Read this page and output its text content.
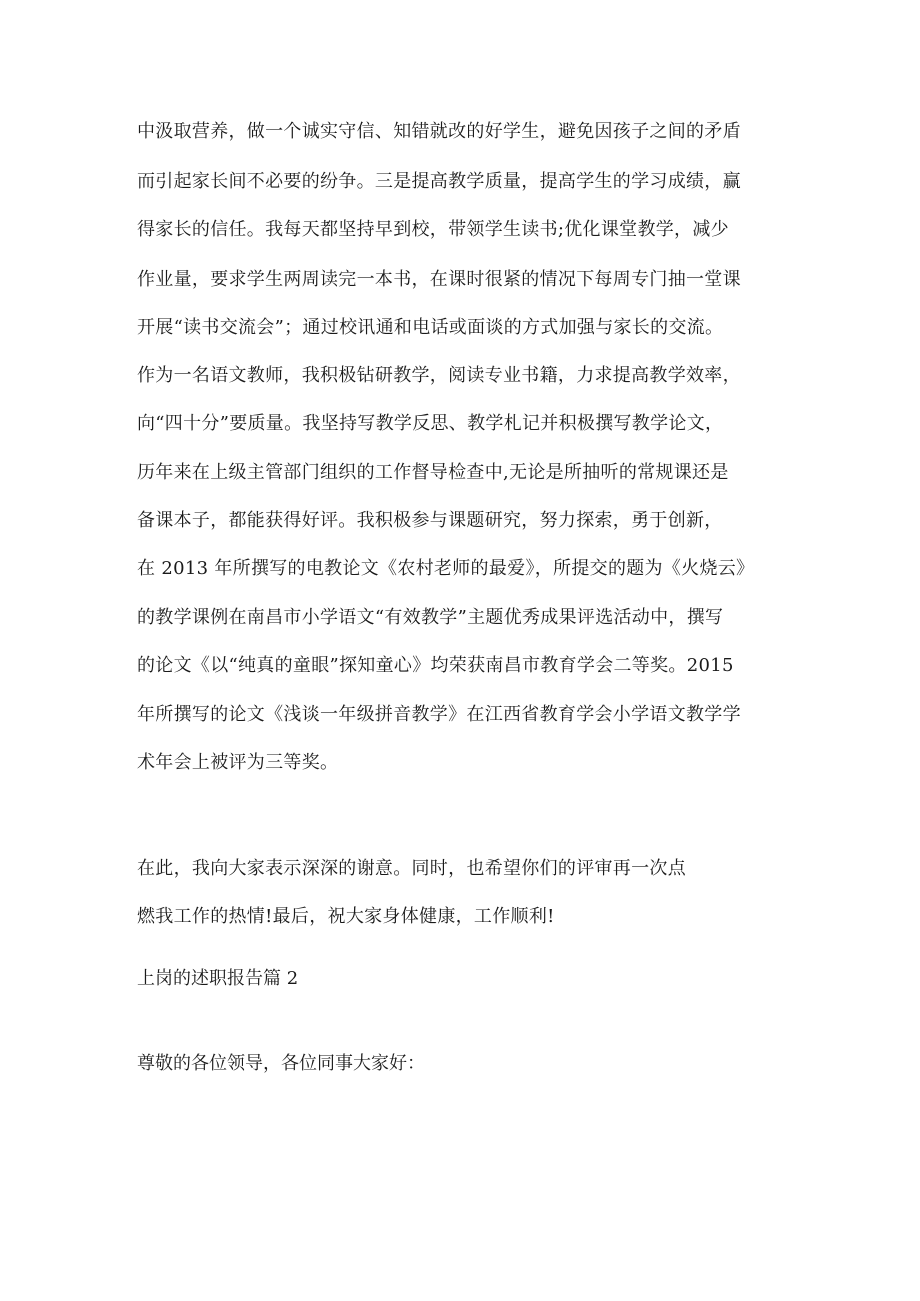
中汲取营养，做一个诚实守信、知错就改的好学生，避免因孩子之间的矛盾
而引起家长间不必要的纷争。三是提高教学质量，提高学生的学习成绩，赢
得家长的信任。我每天都坚持早到校，带领学生读书;优化课堂教学，减少
作业量，要求学生两周读完一本书，在课时很紧的情况下每周专门抽一堂课
开展“读书交流会”；通过校讯通和电话或面谈的方式加强与家长的交流。
作为一名语文教师，我积极钻研教学，阅读专业书籍，力求提高教学效率，
向“四十分”要质量。我坚持写教学反思、教学札记并积极撰写教学论文，
历年来在上级主管部门组织的工作督导检查中,无论是所抽听的常规课还是
备课本子，都能获得好评。我积极参与课题研究，努力探索，勇于创新，
在 2013 年所撰写的电教论文《农村老师的最爱》，所提交的题为《火烧云》
的教学课例在南昌市小学语文“有效教学”主题优秀成果评选活动中，撰写
的论文《以“纯真的童眼”探知童心》均荣获南昌市教育学会二等奖。2015
年所撰写的论文《浅谈一年级拼音教学》在江西省教育学会小学语文教学学
术年会上被评为三等奖。
在此，我向大家表示深深的谢意。同时，也希望你们的评审再一次点
燃我工作的热情!最后，祝大家身体健康，工作顺利!
上岗的述职报告篇 2
尊敬的各位领导，各位同事大家好：
